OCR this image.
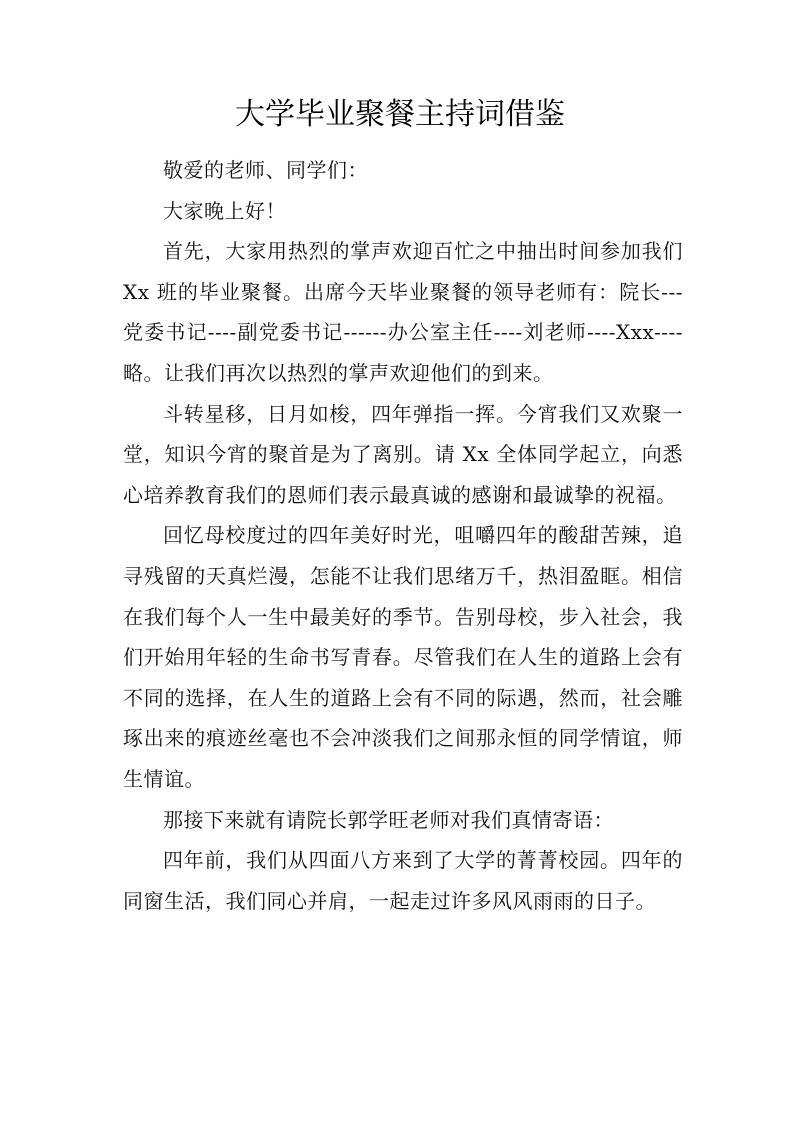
大学毕业聚餐主持词借鉴

敬爱的老师、同学们：

大家晚上好！

首先，大家用热烈的掌声欢迎百忙之中抽出时间参加我们 Xx 班的毕业聚餐。出席今天毕业聚餐的领导老师有：院长--- 党委书记----副党委书记------办公室主任----刘老师----Xxx----略。让我们再次以热烈的掌声欢迎他们的到来。

斗转星移，日月如梭，四年弹指一挥。今宵我们又欢聚一堂，知识今宵的聚首是为了离别。请 Xx 全体同学起立，向悉心培养教育我们的恩师们表示最真诚的感谢和最诚挚的祝福。

回忆母校度过的四年美好时光，咀嚼四年的酸甜苦辣，追寻残留的天真烂漫，怎能不让我们思绪万千，热泪盈眶。相信在我们每个人一生中最美好的季节。告别母校，步入社会，我们开始用年轻的生命书写青春。尽管我们在人生的道路上会有不同的选择，在人生的道路上会有不同的际遇，然而，社会雕琢出来的痕迹丝毫也不会冲淡我们之间那永恒的同学情谊，师生情谊。

那接下来就有请院长郭学旺老师对我们真情寄语：

四年前，我们从四面八方来到了大学的菁菁校园。四年的同窗生活，我们同心并肩，一起走过许多风风雨雨的日子。
